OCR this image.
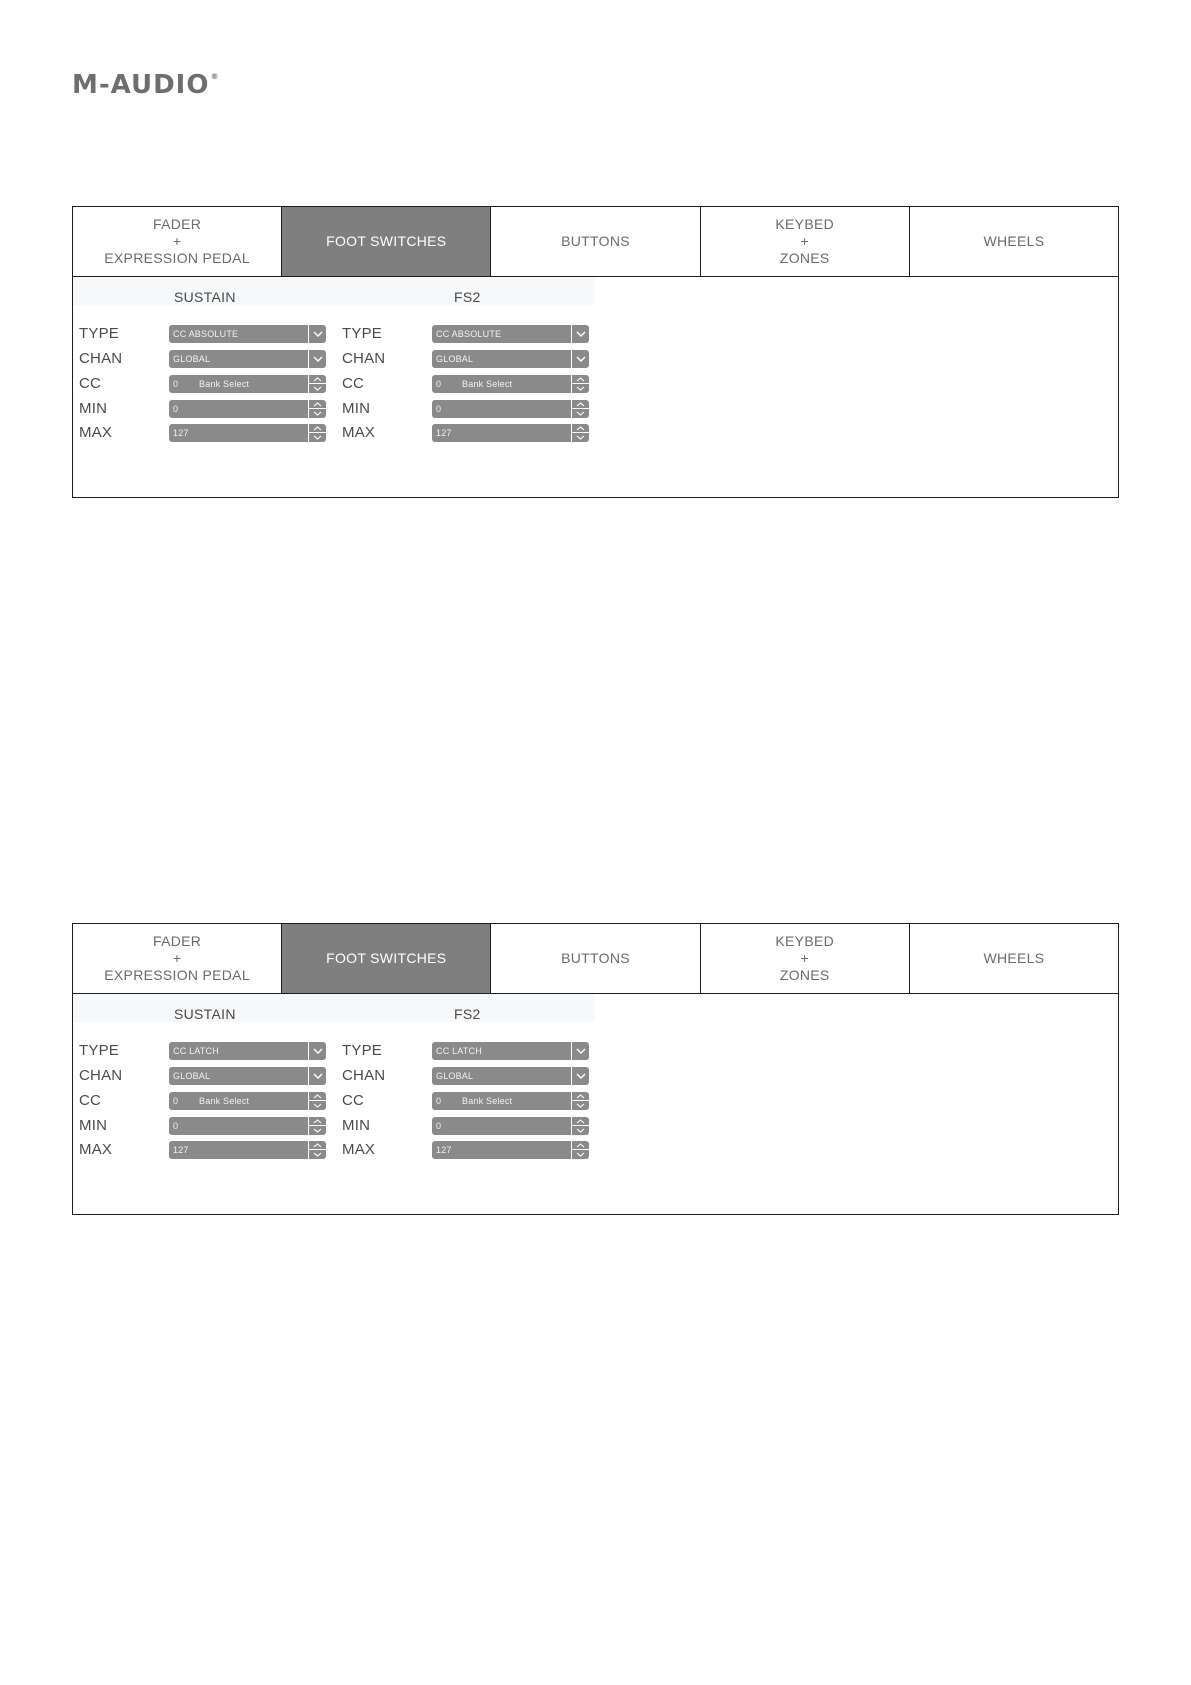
M-AUDIO®
FADER
+
EXPRESSION PEDAL
FOOT SWITCHES	BUTTONS
KEYBED
+
ZONES
WHEELS
SUSTAIN
TYPE	CC ABSOLUTE
CHAN	GLOBAL
CC	0 Bank Select
MIN	0
MAX	127
FS2
TYPE	CC ABSOLUTE
CHAN	GLOBAL
CC	0 Bank Select
MIN	0
MAX	127
FADER
+
EXPRESSION PEDAL
FOOT SWITCHES	BUTTONS
KEYBED
+
ZONES
WHEELS
SUSTAIN
TYPE	CC LATCH
CHAN	GLOBAL
CC	0 Bank Select
MIN	0
MAX	127
FS2
TYPE	CC LATCH
CHAN	GLOBAL
CC	0 Bank Select
MIN	0
MAX	127
